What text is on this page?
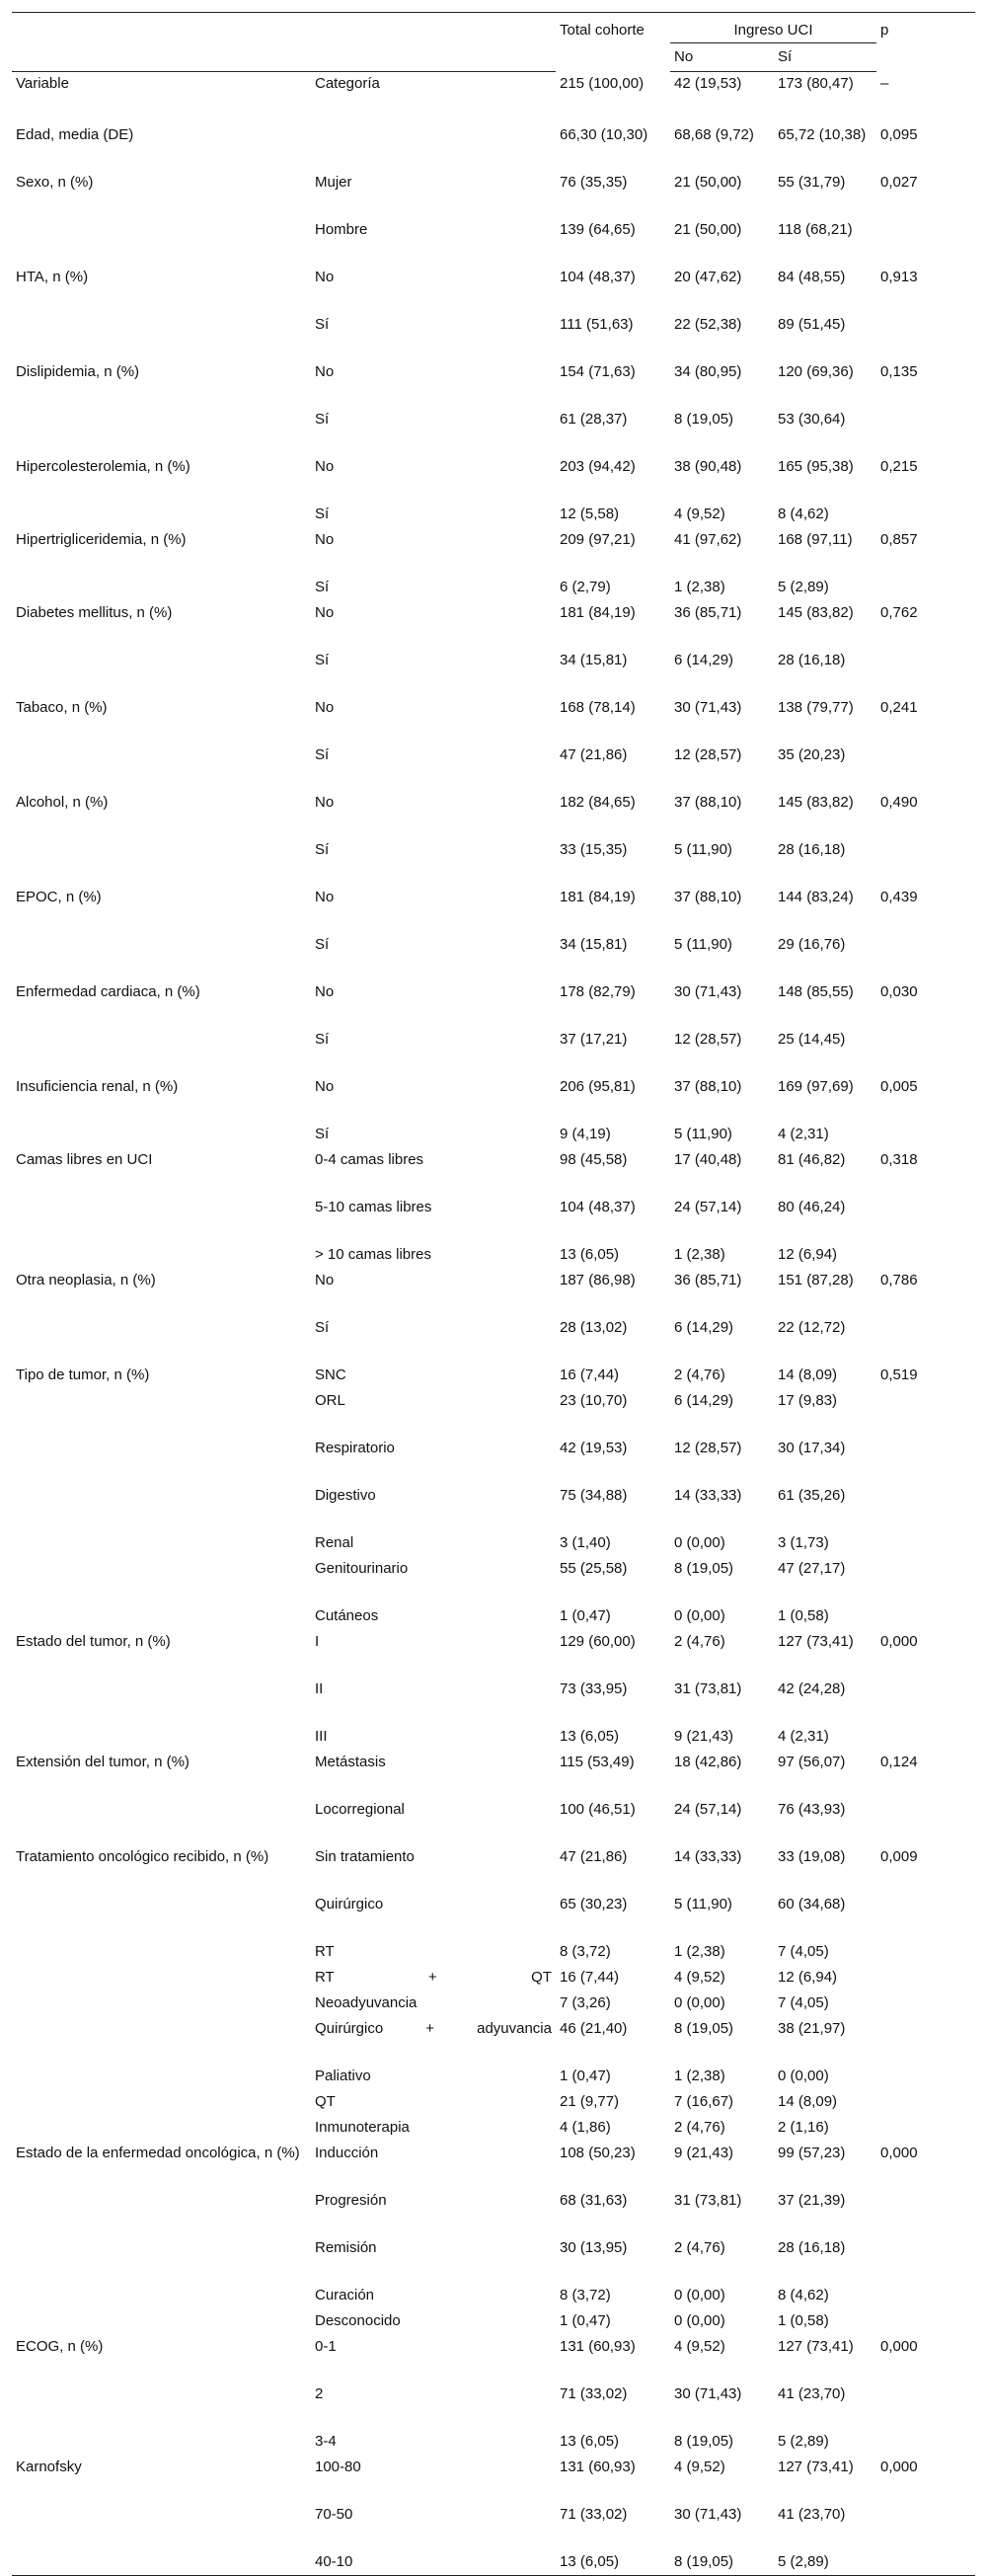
		Total cohorte	Ingreso UCI		p
			No	Sí	
Variable	Categoría	215 (100,00)	42 (19,53)	173 (80,47)	–
Edad, media (DE)		66,30 (10,30)	68,68 (9,72)	65,72 (10,38)	0,095
Sexo, n (%)	Mujer	76 (35,35)	21 (50,00)	55 (31,79)	0,027
	Hombre	139 (64,65)	21 (50,00)	118 (68,21)	
HTA, n (%)	No	104 (48,37)	20 (47,62)	84 (48,55)	0,913
	Sí	111 (51,63)	22 (52,38)	89 (51,45)	
Dislipidemia, n (%)	No	154 (71,63)	34 (80,95)	120 (69,36)	0,135
	Sí	61 (28,37)	8 (19,05)	53 (30,64)	
Hipercolesterolemia, n (%)	No	203 (94,42)	38 (90,48)	165 (95,38)	0,215
	Sí	12 (5,58)	4 (9,52)	8 (4,62)	
Hipertrigliceridemia, n (%)	No	209 (97,21)	41 (97,62)	168 (97,11)	0,857
	Sí	6 (2,79)	1 (2,38)	5 (2,89)	
Diabetes mellitus, n (%)	No	181 (84,19)	36 (85,71)	145 (83,82)	0,762
	Sí	34 (15,81)	6 (14,29)	28 (16,18)	
Tabaco, n (%)	No	168 (78,14)	30 (71,43)	138 (79,77)	0,241
	Sí	47 (21,86)	12 (28,57)	35 (20,23)	
Alcohol, n (%)	No	182 (84,65)	37 (88,10)	145 (83,82)	0,490
	Sí	33 (15,35)	5 (11,90)	28 (16,18)	
EPOC, n (%)	No	181 (84,19)	37 (88,10)	144 (83,24)	0,439
	Sí	34 (15,81)	5 (11,90)	29 (16,76)	
Enfermedad cardiaca, n (%)	No	178 (82,79)	30 (71,43)	148 (85,55)	0,030
	Sí	37 (17,21)	12 (28,57)	25 (14,45)	
Insuficiencia renal, n (%)	No	206 (95,81)	37 (88,10)	169 (97,69)	0,005
	Sí	9 (4,19)	5 (11,90)	4 (2,31)	
Camas libres en UCI	0-4 camas libres	98 (45,58)	17 (40,48)	81 (46,82)	0,318
	5-10 camas libres	104 (48,37)	24 (57,14)	80 (46,24)	
	> 10 camas libres	13 (6,05)	1 (2,38)	12 (6,94)	
Otra neoplasia, n (%)	No	187 (86,98)	36 (85,71)	151 (87,28)	0,786
	Sí	28 (13,02)	6 (14,29)	22 (12,72)	
Tipo de tumor, n (%)	SNC	16 (7,44)	2 (4,76)	14 (8,09)	0,519
	ORL	23 (10,70)	6 (14,29)	17 (9,83)	
	Respiratorio	42 (19,53)	12 (28,57)	30 (17,34)	
	Digestivo	75 (34,88)	14 (33,33)	61 (35,26)	
	Renal	3 (1,40)	0 (0,00)	3 (1,73)	
	Genitourinario	55 (25,58)	8 (19,05)	47 (27,17)	
	Cutáneos	1 (0,47)	0 (0,00)	1 (0,58)	
Estado del tumor, n (%)	I	129 (60,00)	2 (4,76)	127 (73,41)	0,000
	II	73 (33,95)	31 (73,81)	42 (24,28)	
	III	13 (6,05)	9 (21,43)	4 (2,31)	
Extensión del tumor, n (%)	Metástasis	115 (53,49)	18 (42,86)	97 (56,07)	0,124
	Locorregional	100 (46,51)	24 (57,14)	76 (43,93)	
Tratamiento oncológico recibido, n (%)	Sin tratamiento	47 (21,86)	14 (33,33)	33 (19,08)	0,009
	Quirúrgico	65 (30,23)	5 (11,90)	60 (34,68)	
	RT	8 (3,72)	1 (2,38)	7 (4,05)	
	RT + QT	16 (7,44)	4 (9,52)	12 (6,94)	
	Neoadyuvancia	7 (3,26)	0 (0,00)	7 (4,05)	
	Quirúrgico + adyuvancia	46 (21,40)	8 (19,05)	38 (21,97)	
	Paliativo	1 (0,47)	1 (2,38)	0 (0,00)	
	QT	21 (9,77)	7 (16,67)	14 (8,09)	
	Inmunoterapia	4 (1,86)	2 (4,76)	2 (1,16)	
Estado de la enfermedad oncológica, n (%)	Inducción	108 (50,23)	9 (21,43)	99 (57,23)	0,000
	Progresión	68 (31,63)	31 (73,81)	37 (21,39)	
	Remisión	30 (13,95)	2 (4,76)	28 (16,18)	
	Curación	8 (3,72)	0 (0,00)	8 (4,62)	
	Desconocido	1 (0,47)	0 (0,00)	1 (0,58)	
ECOG, n (%)	0-1	131 (60,93)	4 (9,52)	127 (73,41)	0,000
	2	71 (33,02)	30 (71,43)	41 (23,70)	
	3-4	13 (6,05)	8 (19,05)	5 (2,89)	
Karnofsky	100-80	131 (60,93)	4 (9,52)	127 (73,41)	0,000
	70-50	71 (33,02)	30 (71,43)	41 (23,70)	
	40-10	13 (6,05)	8 (19,05)	5 (2,89)	
